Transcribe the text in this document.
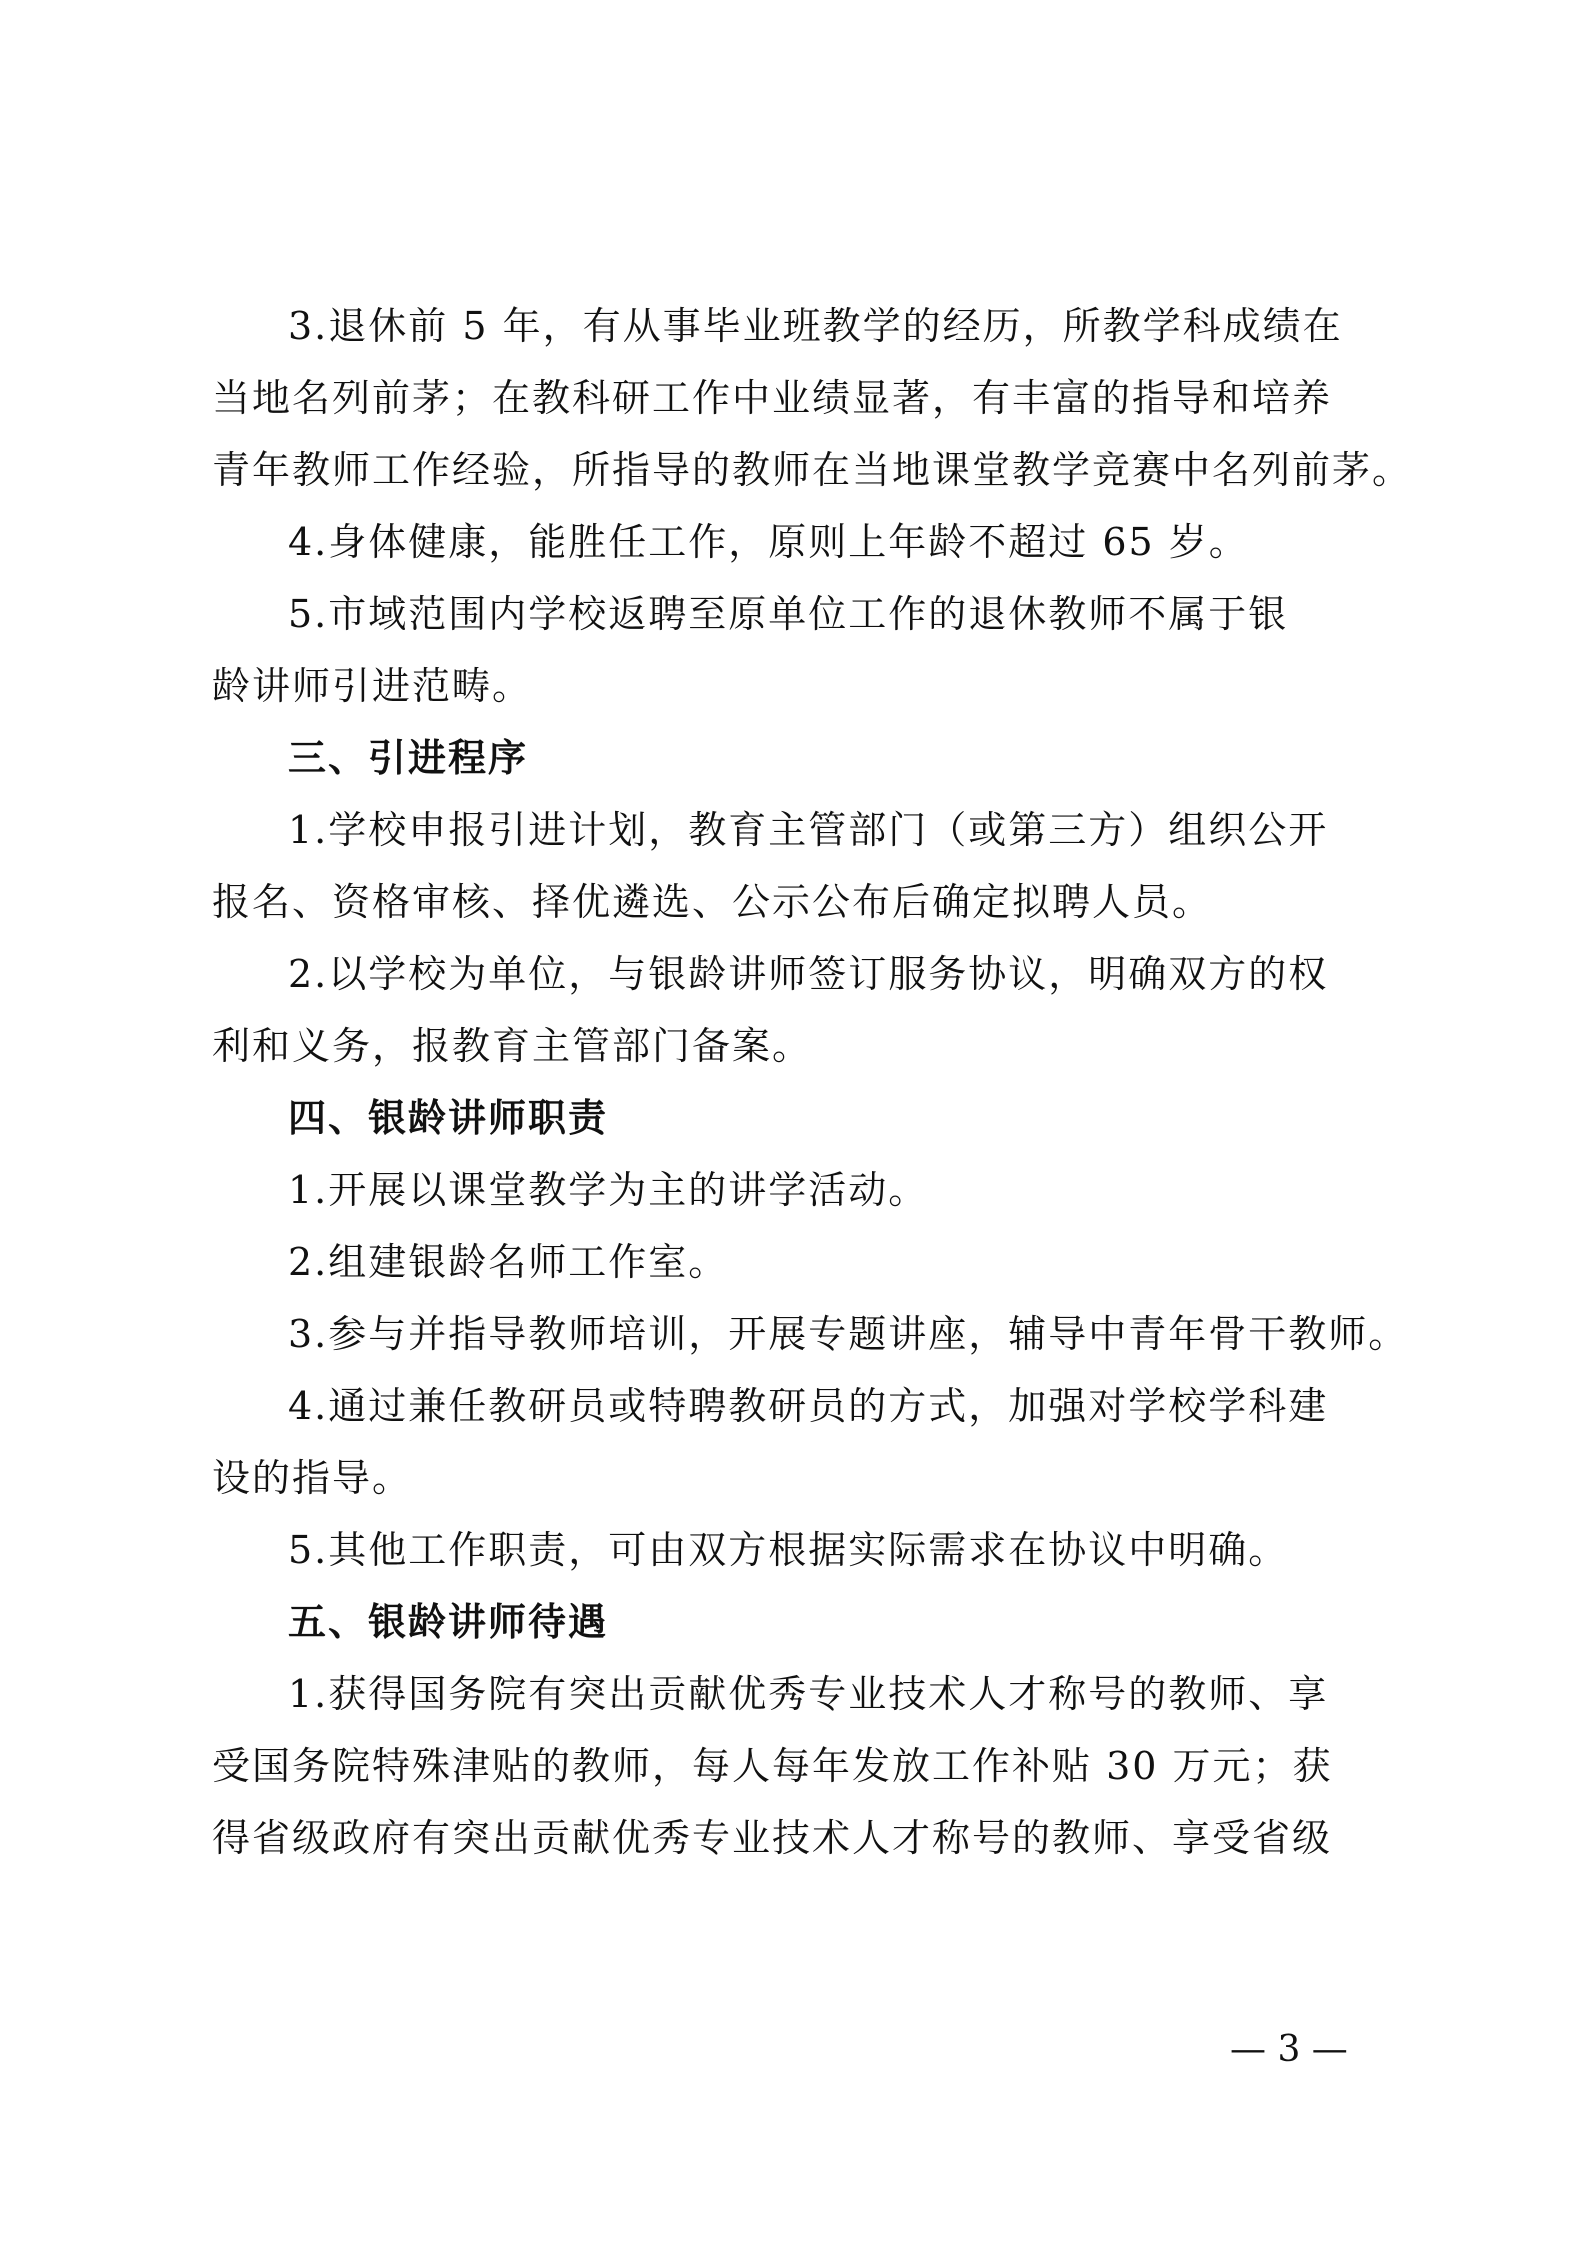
3.退休前 5 年，有从事毕业班教学的经历，所教学科成绩在
当地名列前茅；在教科研工作中业绩显著，有丰富的指导和培养
青年教师工作经验，所指导的教师在当地课堂教学竞赛中名列前茅。
4.身体健康，能胜任工作，原则上年龄不超过 65 岁。
5.市域范围内学校返聘至原单位工作的退休教师不属于银
龄讲师引进范畴。
三、引进程序
1.学校申报引进计划，教育主管部门（或第三方）组织公开
报名、资格审核、择优遴选、公示公布后确定拟聘人员。
2.以学校为单位，与银龄讲师签订服务协议，明确双方的权
利和义务，报教育主管部门备案。
四、银龄讲师职责
1.开展以课堂教学为主的讲学活动。
2.组建银龄名师工作室。
3.参与并指导教师培训，开展专题讲座，辅导中青年骨干教师。
4.通过兼任教研员或特聘教研员的方式，加强对学校学科建
设的指导。
5.其他工作职责，可由双方根据实际需求在协议中明确。
五、银龄讲师待遇
1.获得国务院有突出贡献优秀专业技术人才称号的教师、享
受国务院特殊津贴的教师，每人每年发放工作补贴 30 万元；获
得省级政府有突出贡献优秀专业技术人才称号的教师、享受省级
— 3 —
